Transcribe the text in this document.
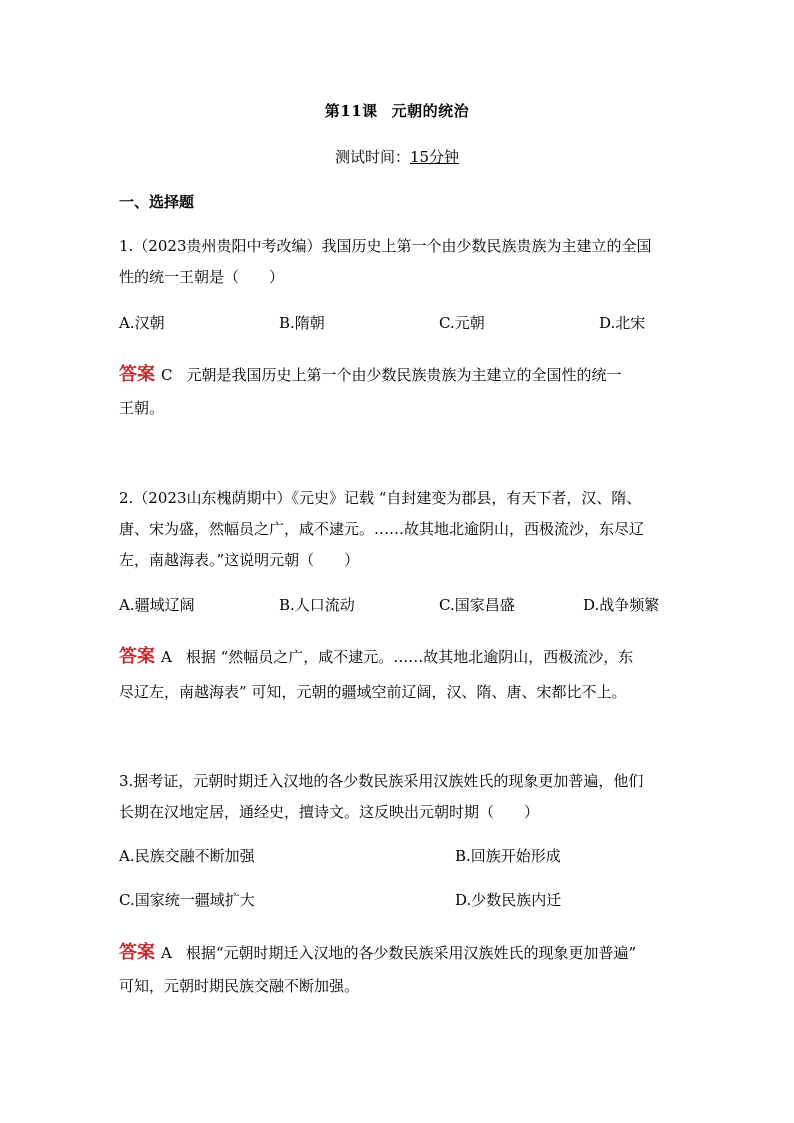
第11课 元朝的统治
测试时间：15分钟
一、选择题
1.（2023贵州贵阳中考改编）我国历史上第一个由少数民族贵族为主建立的全国
性的统一王朝是（　　）
A.汉朝	B.隋朝	C.元朝	D.北宋
答案 C 元朝是我国历史上第一个由少数民族贵族为主建立的全国性的统一
王朝。
2.（2023山东槐荫期中）《元史》记载 “自封建变为郡县，有天下者，汉、隋、
唐、宋为盛，然幅员之广，咸不逮元。……故其地北逾阴山，西极流沙，东尽辽
左，南越海表。”这说明元朝（　　）
A.疆域辽阔	B.人口流动	C.国家昌盛	D.战争频繁
答案 A 根据 “然幅员之广，咸不逮元。……故其地北逾阴山，西极流沙，东
尽辽左，南越海表” 可知，元朝的疆域空前辽阔，汉、隋、唐、宋都比不上。
3.据考证，元朝时期迁入汉地的各少数民族采用汉族姓氏的现象更加普遍，他们
长期在汉地定居，通经史，擅诗文。这反映出元朝时期（　　）
A.民族交融不断加强	B.回族开始形成
C.国家统一疆域扩大	D.少数民族内迁
答案 A 根据“元朝时期迁入汉地的各少数民族采用汉族姓氏的现象更加普遍”
可知，元朝时期民族交融不断加强。
